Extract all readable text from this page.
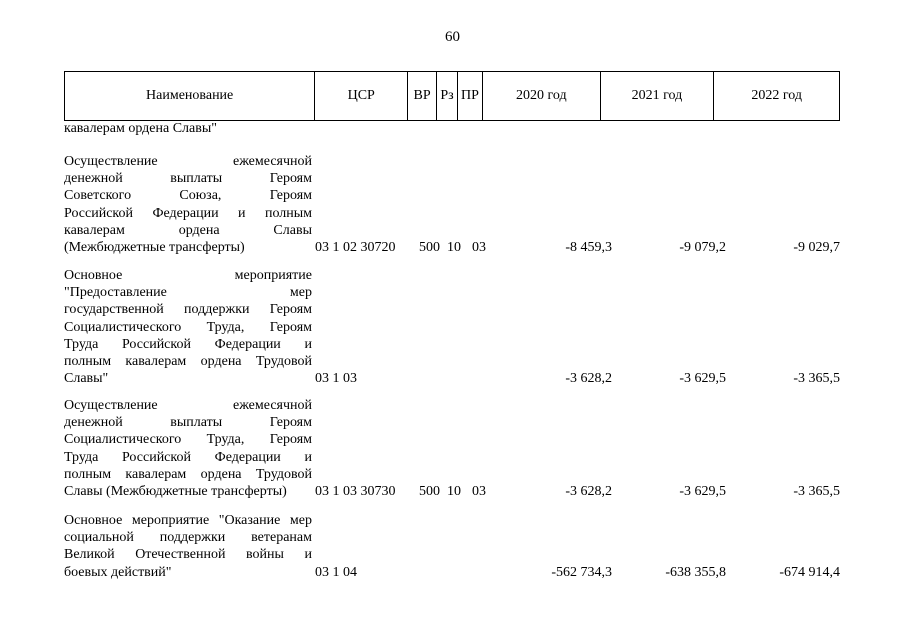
60
Наименование	ЦСР	ВР Рз ПР	2020 год	2021 год	2022 год
кавалерам ордена Славы"
Осуществление ежемесячной
денежной выплаты Героям
Советского Союза, Героям
Российской Федерации и полным
кавалерам ордена Славы
(Межбюджетные трансферты)	03 1 02 30720 500 10 03	-8 459,3	-9 079,2	-9 029,7
Основное мероприятие
"Предоставление мер
государственной поддержки Героям
Социалистического Труда, Героям
Труда Российской Федерации и
полным кавалерам ордена Трудовой
Славы"	03 1 03	-3 628,2	-3 629,5	-3 365,5
Осуществление ежемесячной
денежной выплаты Героям
Социалистического Труда, Героям
Труда Российской Федерации и
полным кавалерам ордена Трудовой
Славы (Межбюджетные трансферты)	03 1 03 30730 500 10 03	-3 628,2	-3 629,5	-3 365,5
Основное мероприятие "Оказание мер
социальной поддержки ветеранам
Великой Отечественной войны и
боевых действий"	03 1 04	-562 734,3	-638 355,8	-674 914,4
